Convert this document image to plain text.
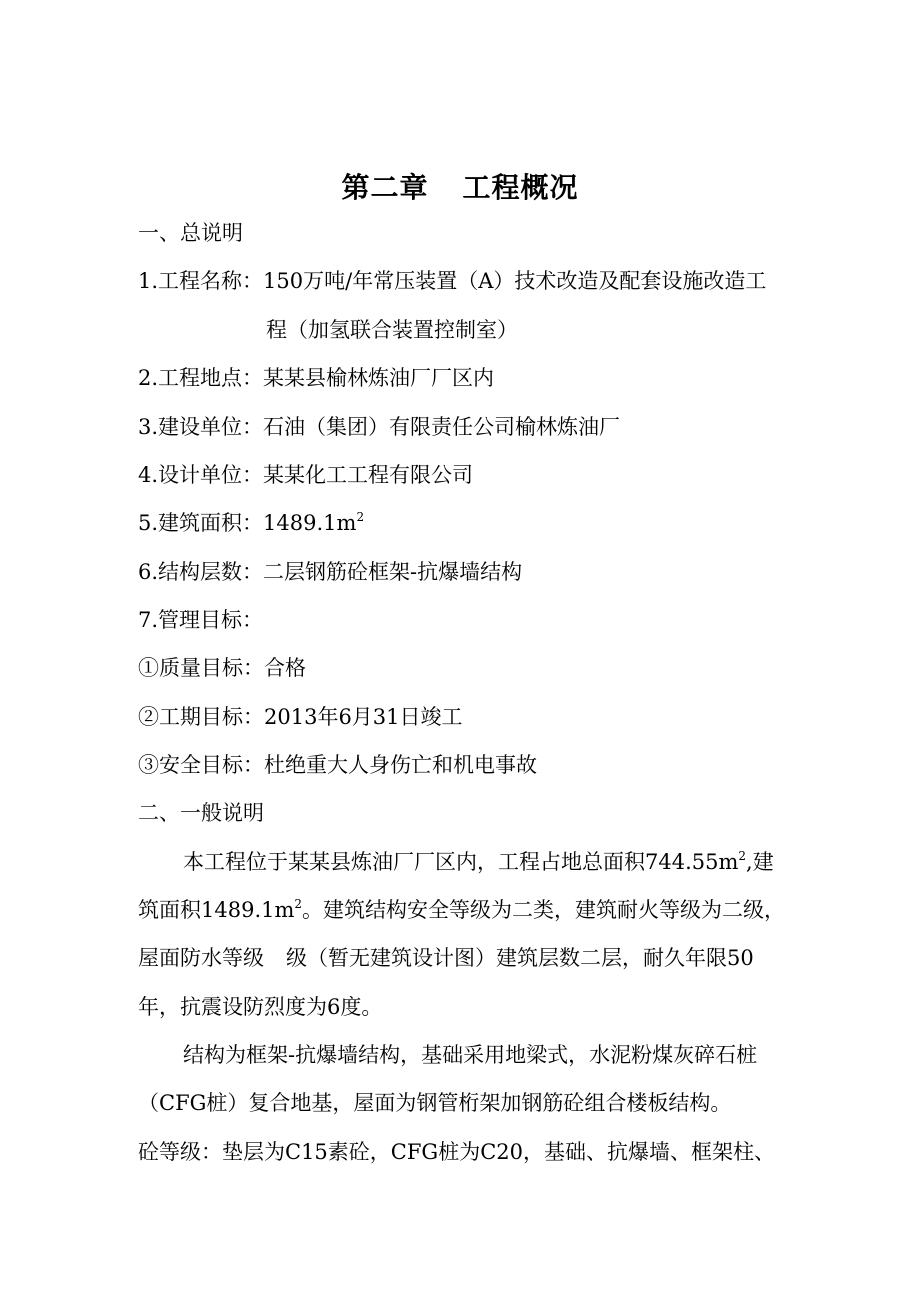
第二章 工程概况
一、总说明
1.工程名称：150万吨/年常压装置（A）技术改造及配套设施改造工
程（加氢联合装置控制室）
2.工程地点：某某县榆林炼油厂厂区内
3.建设单位：石油（集团）有限责任公司榆林炼油厂
4.设计单位：某某化工工程有限公司
5.建筑面积：$1489.1m^2$
6.结构层数：二层钢筋砼框架-抗爆墙结构
7.管理目标：
①质量目标：合格
②工期目标：2013年6月31日竣工
③安全目标：杜绝重大人身伤亡和机电事故
二、一般说明
本工程位于某某县炼油厂厂区内，工程占地总面积$744.55m^2$,建
筑面积$1489.1m^2$。建筑结构安全等级为二类，建筑耐火等级为二级，
屋面防水等级 级（暂无建筑设计图）建筑层数二层，耐久年限50
年，抗震设防烈度为6度。
结构为框架-抗爆墙结构，基础采用地梁式，水泥粉煤灰碎石桩
（CFG桩）复合地基，屋面为钢管桁架加钢筋砼组合楼板结构。
砼等级：垫层为C15素砼，CFG桩为C20，基础、抗爆墙、框架柱、
